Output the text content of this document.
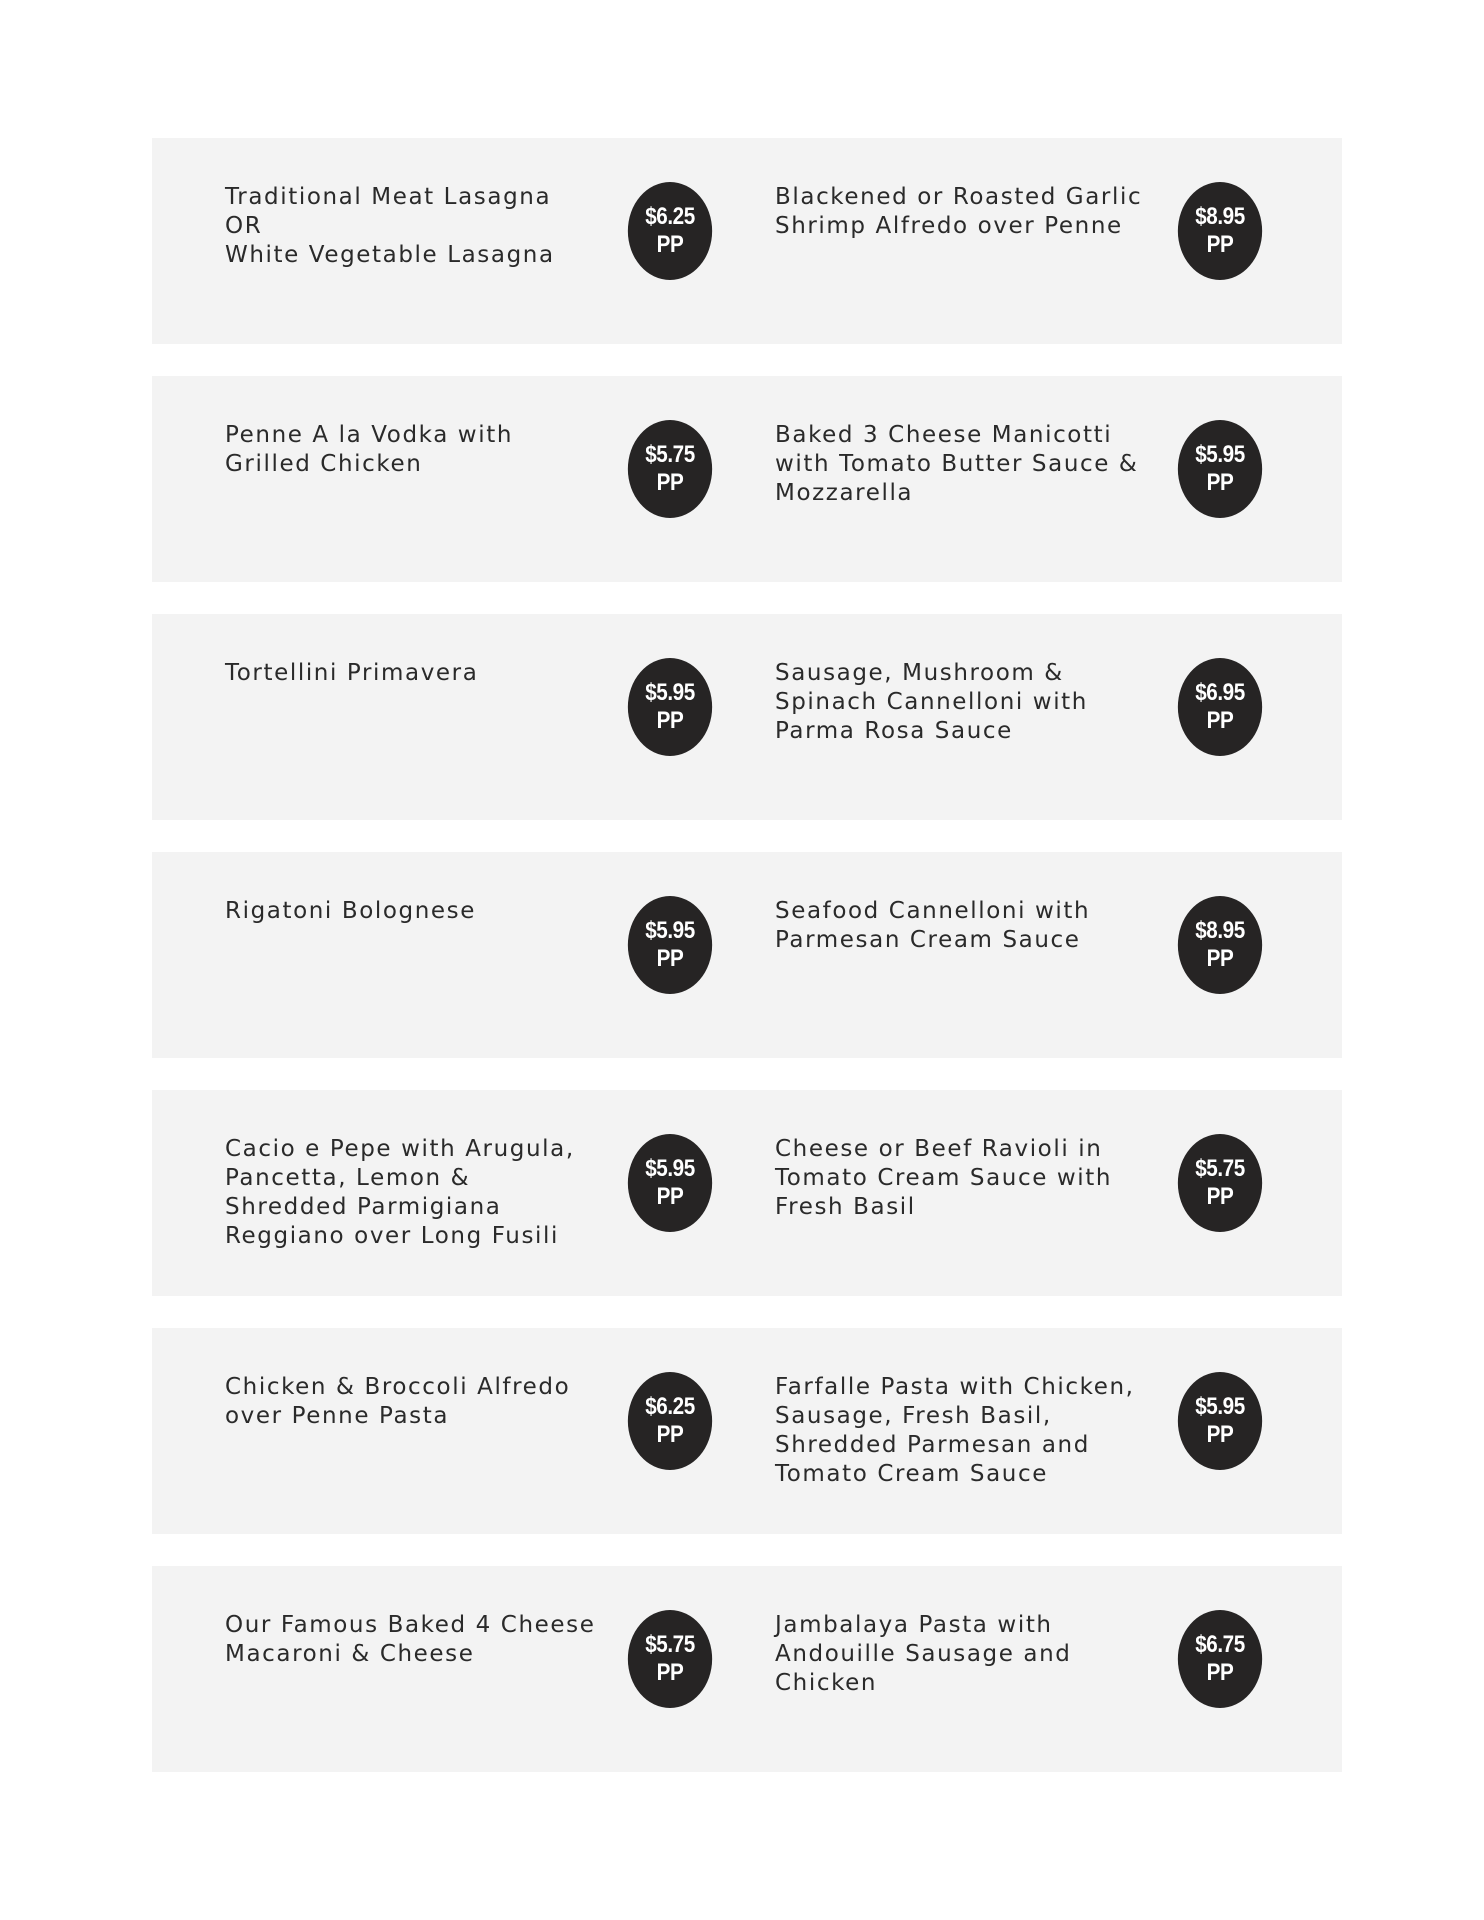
Traditional Meat Lasagna
OR
White Vegetable Lasagna
$6.25
PP
Blackened or Roasted Garlic
Shrimp Alfredo over Penne	$8.95
PP
Penne A la Vodka with
Grilled Chicken	$5.75
PP
Baked 3 Cheese Manicotti
with Tomato Butter Sauce &
Mozzarella
$5.95
PP
Tortellini Primavera
$5.95
PP
Sausage, Mushroom &
Spinach Cannelloni with
Parma Rosa Sauce
$6.95
PP
Rigatoni Bolognese
$5.95
PP
Seafood Cannelloni with
Parmesan Cream Sauce	$8.95
PP
Cacio e Pepe with Arugula,
Pancetta, Lemon &
Shredded Parmigiana
Reggiano over Long Fusili
$5.95
PP
Cheese or Beef Ravioli in
Tomato Cream Sauce with
Fresh Basil
$5.75
PP
Chicken & Broccoli Alfredo
over Penne Pasta	$6.25
PP
Farfalle Pasta with Chicken,
Sausage, Fresh Basil,
Shredded Parmesan and
Tomato Cream Sauce
$5.95
PP
Our Famous Baked 4 Cheese
Macaroni & Cheese	$5.75
PP
Jambalaya Pasta with
Andouille Sausage and
Chicken
$6.75
PP
